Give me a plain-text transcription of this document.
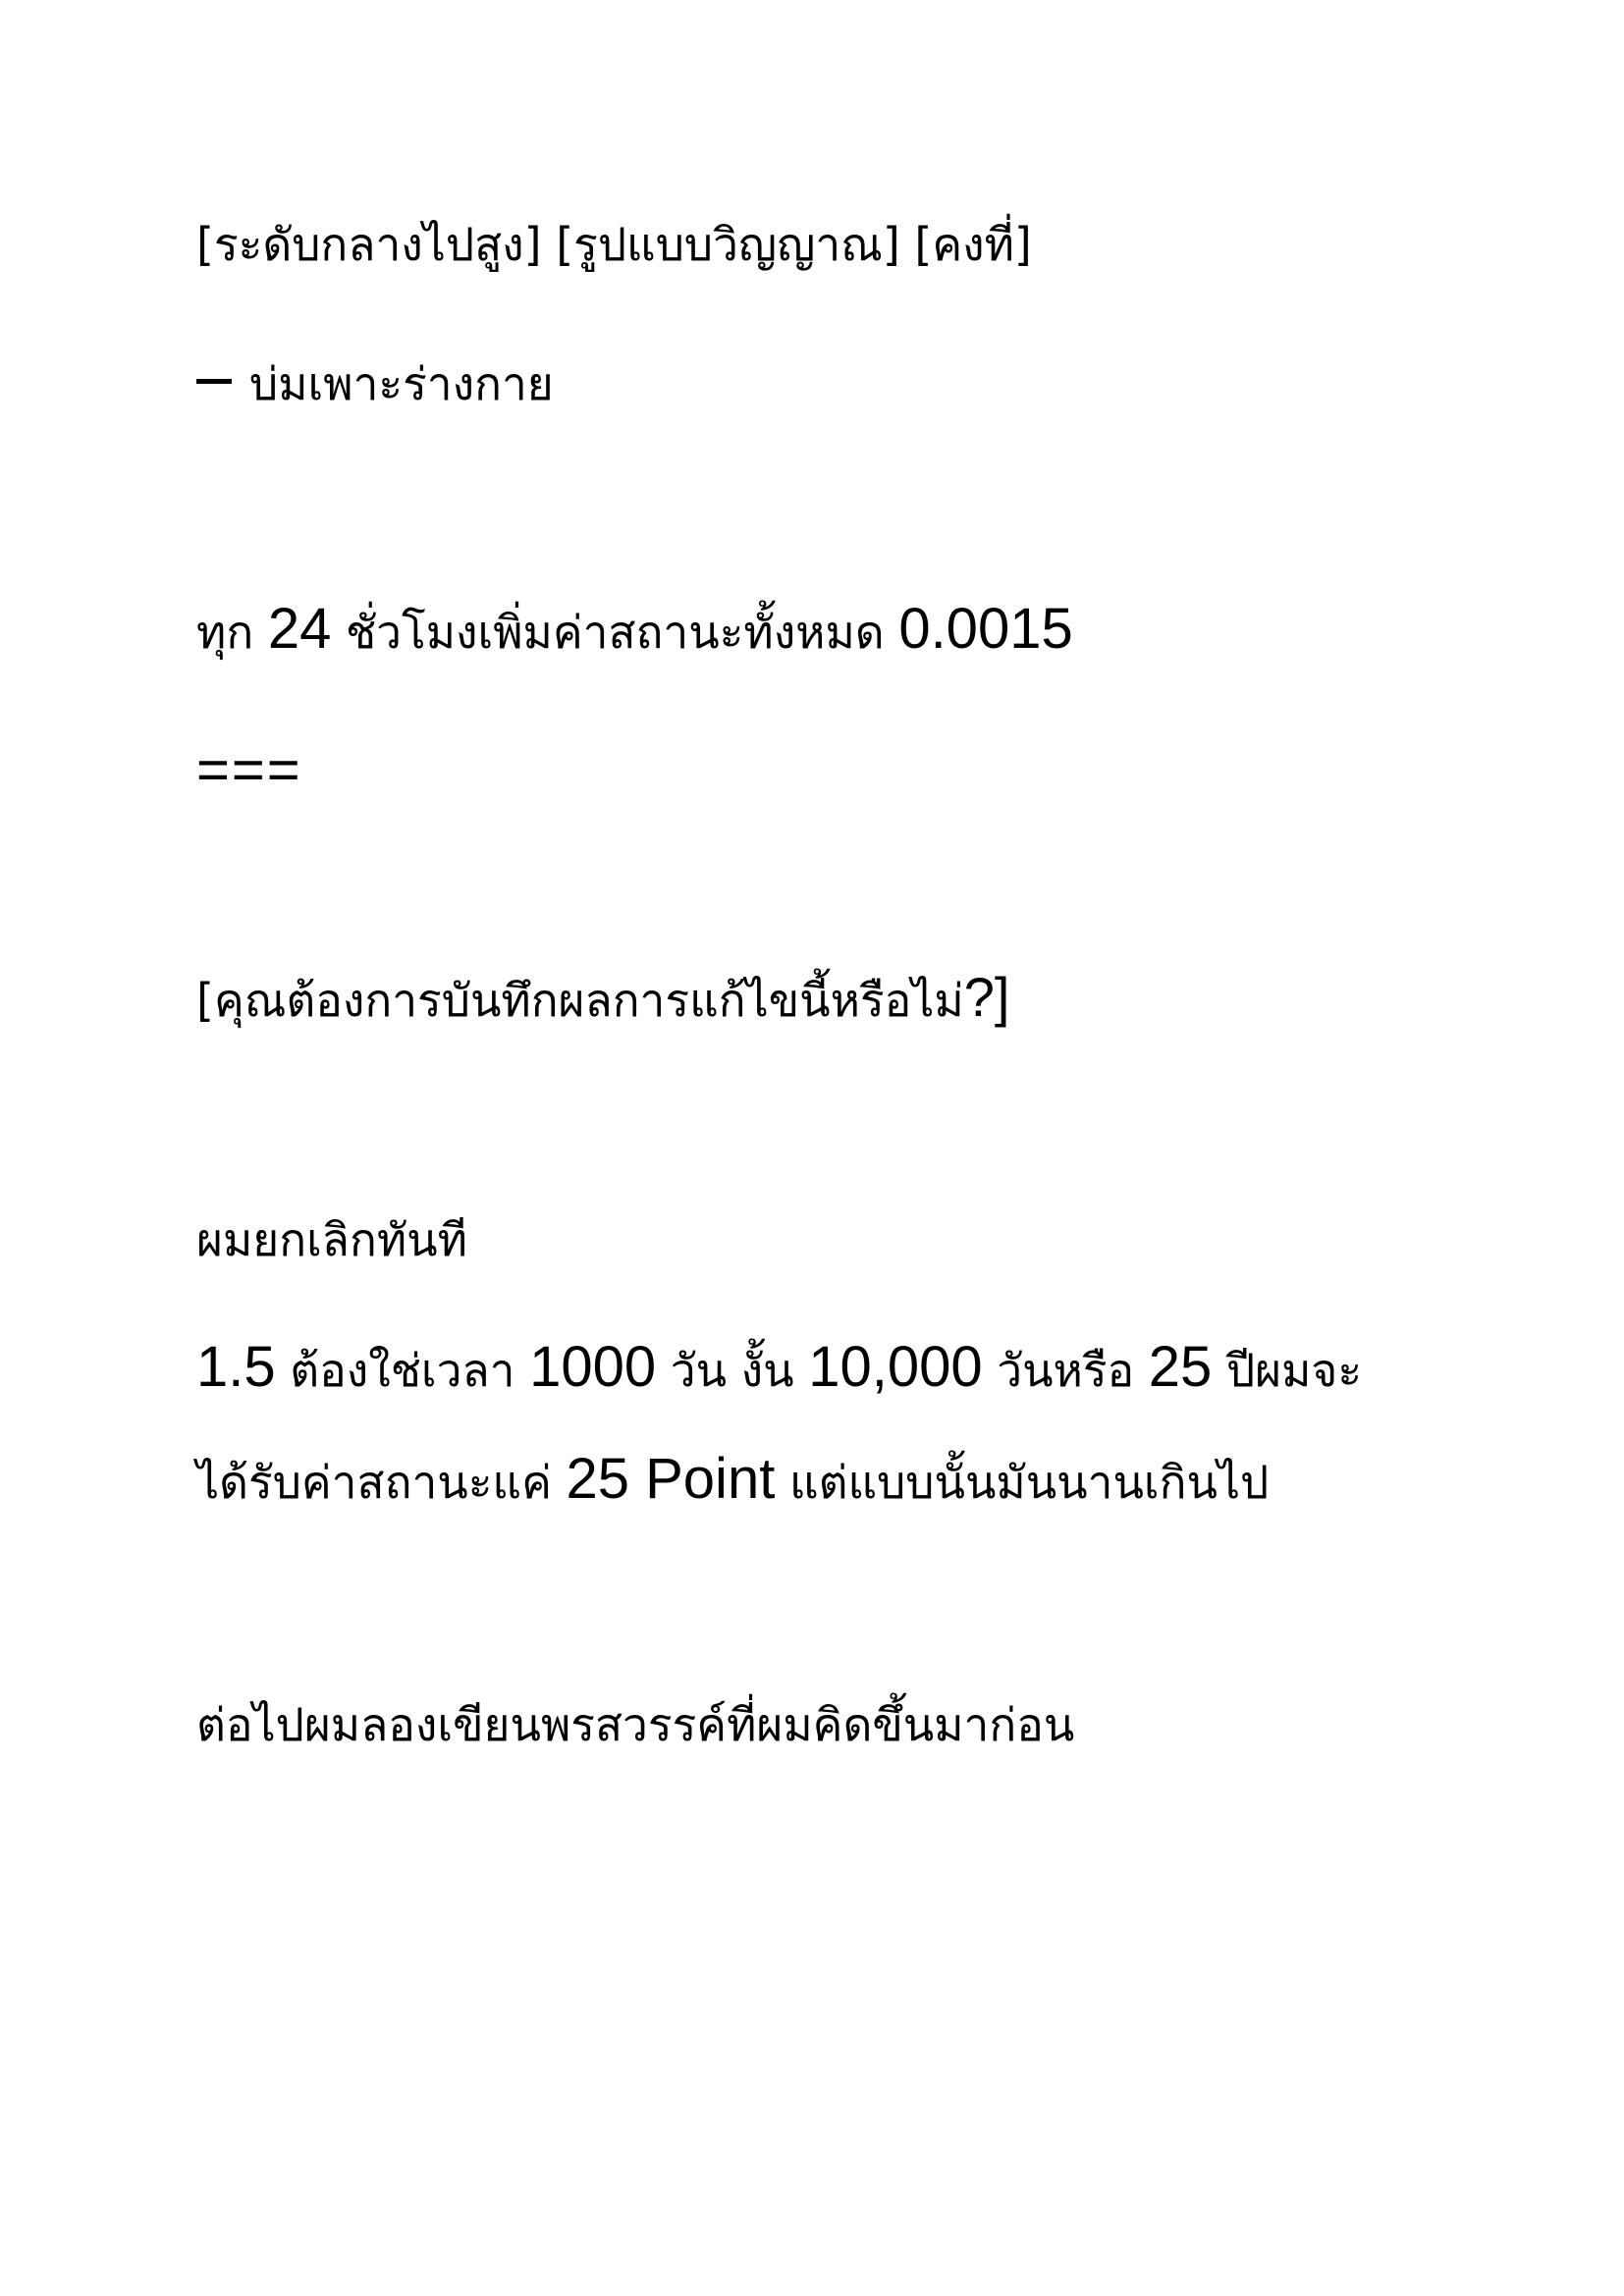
[ระดับกลางไปสูง] [รูปแบบวิญญาณ] [คงที่]

บ่มเพาะร่างกาย

ทุก 24 ชั่วโมงเพิ่มค่าสถานะทั้งหมด 0.0015

===

[คุณต้องการบันทึกผลการแก้ไขนี้หรือไม่?]

ผมยกเลิกทันที

1.5 ต้องใช่เวลา 1000 วัน งั้น 10,000 วันหรือ 25 ปีผมจะ

ได้รับค่าสถานะแค่ 25 Point แต่แบบนั้นมันนานเกินไป

ต่อไปผมลองเขียนพรสวรรค์ที่ผมคิดขึ้นมาก่อน
